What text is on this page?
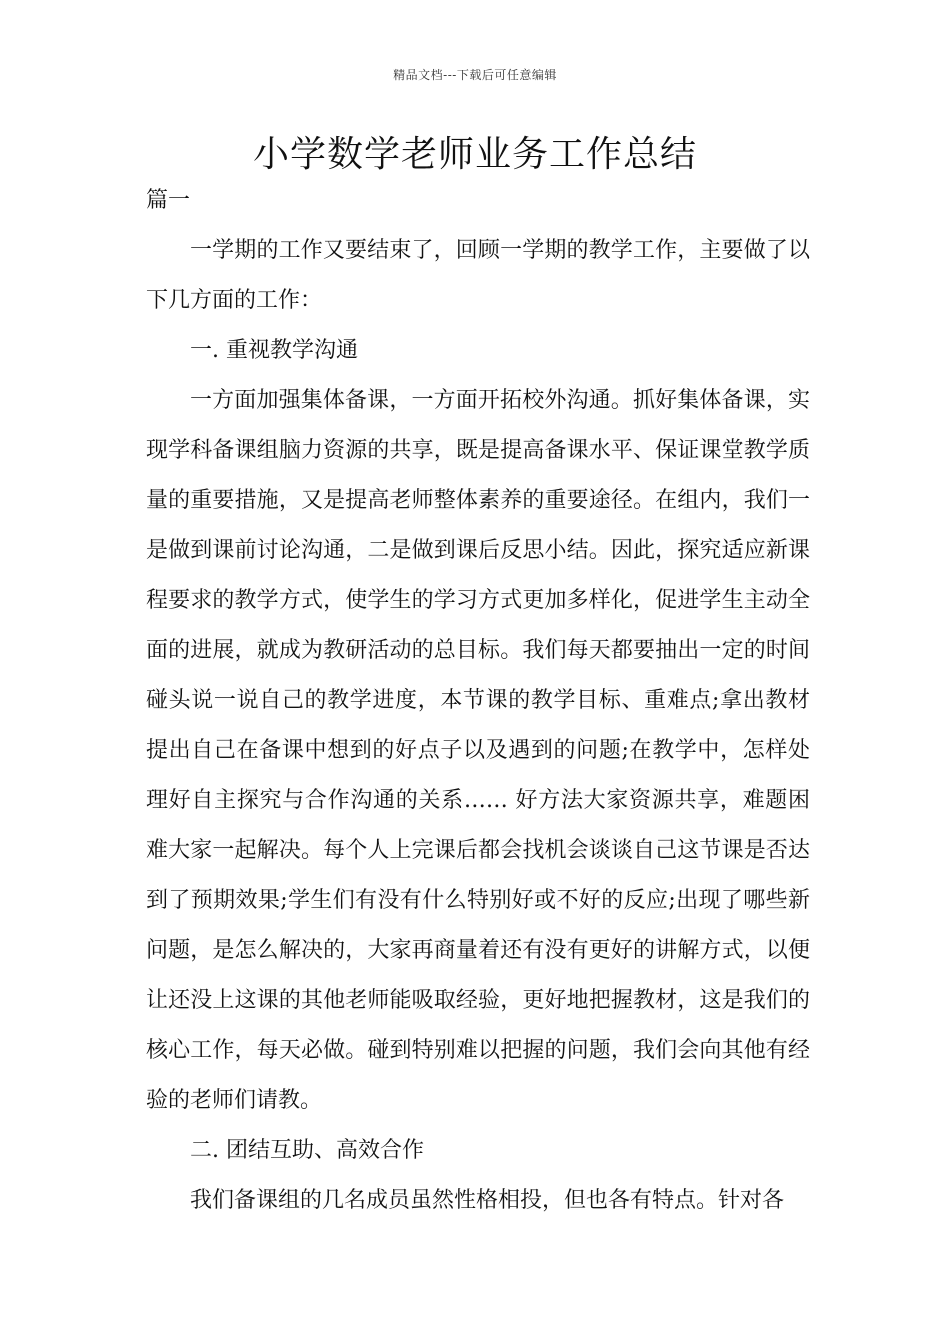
精品文档---下载后可任意编辑
小学数学老师业务工作总结

篇一

一学期的工作又要结束了，回顾一学期的教学工作，主要做了以下几方面的工作：

一. 重视教学沟通

一方面加强集体备课，一方面开拓校外沟通。抓好集体备课，实现学科备课组脑力资源的共享，既是提高备课水平、保证课堂教学质量的重要措施，又是提高老师整体素养的重要途径。在组内，我们一是做到课前讨论沟通，二是做到课后反思小结。因此，探究适应新课程要求的教学方式，使学生的学习方式更加多样化，促进学生主动全面的进展，就成为教研活动的总目标。我们每天都要抽出一定的时间碰头说一说自己的教学进度，本节课的教学目标、重难点;拿出教材提出自己在备课中想到的好点子以及遇到的问题;在教学中，怎样处理好自主探究与合作沟通的关系…… 好方法大家资源共享，难题困难大家一起解决。每个人上完课后都会找机会谈谈自己这节课是否达到了预期效果;学生们有没有什么特别好或不好的反应;出现了哪些新问题，是怎么解决的，大家再商量着还有没有更好的讲解方式，以便让还没上这课的其他老师能吸取经验，更好地把握教材，这是我们的核心工作，每天必做。碰到特别难以把握的问题，我们会向其他有经验的老师们请教。

二. 团结互助、高效合作

我们备课组的几名成员虽然性格相投，但也各有特点。针对各
